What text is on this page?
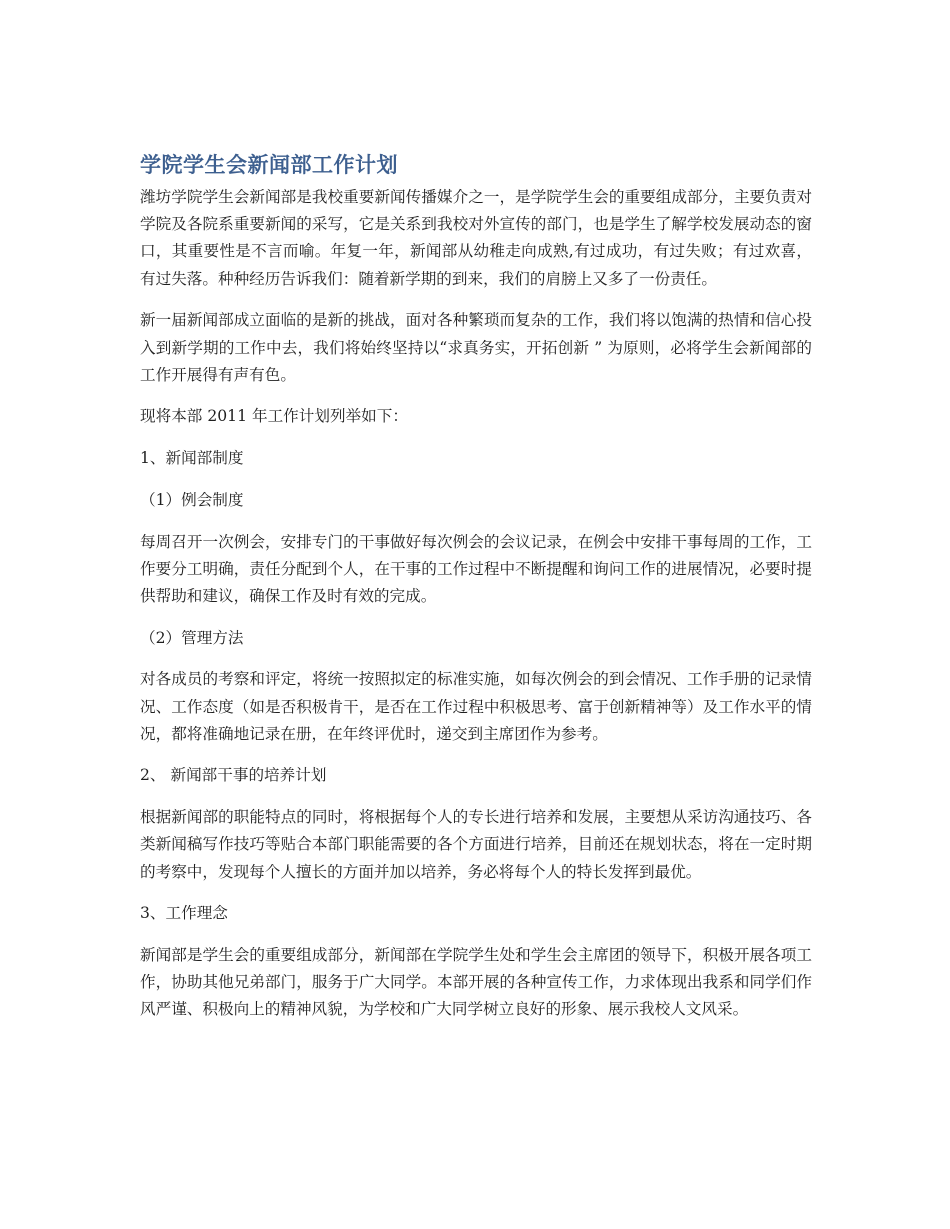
学院学生会新闻部工作计划

潍坊学院学生会新闻部是我校重要新闻传播媒介之一，是学院学生会的重要组成部分，主要负责对学院及各院系重要新闻的采写，它是关系到我校对外宣传的部门，也是学生了解学校发展动态的窗口，其重要性是不言而喻。年复一年，新闻部从幼稚走向成熟,有过成功，有过失败；有过欢喜，有过失落。种种经历告诉我们：随着新学期的到来，我们的肩膀上又多了一份责任。

新一届新闻部成立面临的是新的挑战，面对各种繁琐而复杂的工作，我们将以饱满的热情和信心投入到新学期的工作中去，我们将始终坚持以“求真务实，开拓创新 ” 为原则，必将学生会新闻部的工作开展得有声有色。

现将本部 2011 年工作计划列举如下：

1、新闻部制度

（1）例会制度

每周召开一次例会，安排专门的干事做好每次例会的会议记录，在例会中安排干事每周的工作，工作要分工明确，责任分配到个人，在干事的工作过程中不断提醒和询问工作的进展情况，必要时提供帮助和建议，确保工作及时有效的完成。

（2）管理方法

对各成员的考察和评定，将统一按照拟定的标准实施，如每次例会的到会情况、工作手册的记录情况、工作态度（如是否积极肯干，是否在工作过程中积极思考、富于创新精神等）及工作水平的情况，都将准确地记录在册，在年终评优时，递交到主席团作为参考。

2、 新闻部干事的培养计划

根据新闻部的职能特点的同时，将根据每个人的专长进行培养和发展，主要想从采访沟通技巧、各类新闻稿写作技巧等贴合本部门职能需要的各个方面进行培养，目前还在规划状态，将在一定时期的考察中，发现每个人擅长的方面并加以培养，务必将每个人的特长发挥到最优。

3、工作理念

新闻部是学生会的重要组成部分，新闻部在学院学生处和学生会主席团的领导下，积极开展各项工作，协助其他兄弟部门，服务于广大同学。本部开展的各种宣传工作，力求体现出我系和同学们作风严谨、积极向上的精神风貌，为学校和广大同学树立良好的形象、展示我校人文风采。
